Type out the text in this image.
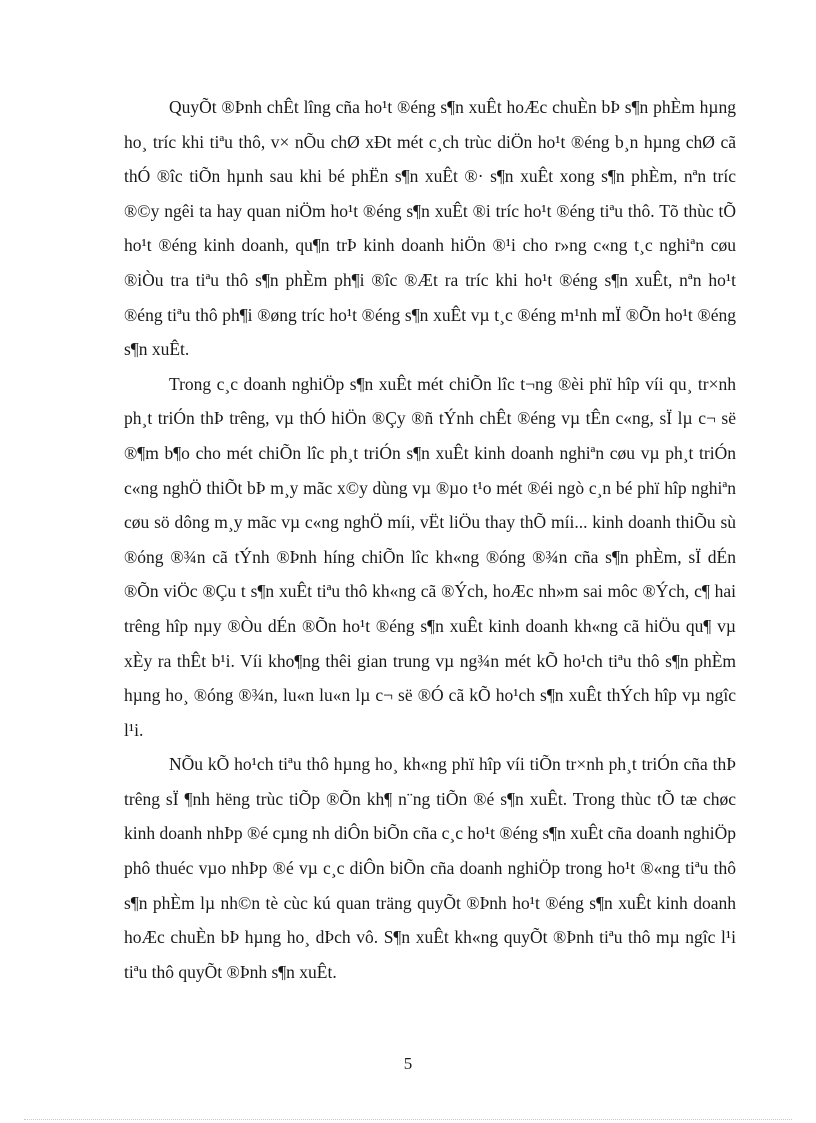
QuyÕt ®Þnh chÊt lîng cña ho¹t ®éng s¶n xuÊt hoÆc chuÈn bÞ s¶n phÈm hµng ho¸ tríc khi tiªu thô, v× nÕu chØ xÐt mét c¸ch trùc diÖn ho¹t ®éng b¸n hµng chØ cã thÓ ®îc tiÕn hµnh sau khi bé phËn s¶n xuÊt ®· s¶n xuÊt xong s¶n phÈm, nªn tríc ®©y ngêi ta hay quan niÖm ho¹t ®éng s¶n xuÊt ®i tríc ho¹t ®éng tiªu thô. Tõ thùc tÕ ho¹t ®éng kinh doanh, qu¶n trÞ kinh doanh hiÖn ®¹i cho r»ng c«ng t¸c nghiªn cøu ®iÒu tra tiªu thô s¶n phÈm ph¶i ®îc ®Æt ra tríc khi ho¹t ®éng s¶n xuÊt, nªn ho¹t ®éng tiªu thô ph¶i ®øng tríc ho¹t ®éng s¶n xuÊt vµ t¸c ®éng m¹nh mÏ ®Õn ho¹t ®éng s¶n xuÊt.

Trong c¸c doanh nghiÖp s¶n xuÊt mét chiÕn lîc t¬ng ®èi phï hîp víi qu¸ tr×nh ph¸t triÓn thÞ trêng, vµ thÓ hiÖn ®Çy ®ñ tÝnh chÊt ®éng vµ tÊn c«ng, sÏ lµ c¬ së ®¶m b¶o cho mét chiÕn lîc ph¸t triÓn s¶n xuÊt kinh doanh nghiªn cøu vµ ph¸t triÓn c«ng nghÖ thiÕt bÞ m¸y mãc x©y dùng vµ ®µo t¹o mét ®éi ngò c¸n bé phï hîp nghiªn cøu sö dông m¸y mãc vµ c«ng nghÖ míi, vËt liÖu thay thÕ míi... kinh doanh thiÕu sù ®óng ®¾n cã tÝnh ®Þnh híng chiÕn lîc kh«ng ®óng ®¾n cña s¶n phÈm, sÏ dÉn ®Õn viÖc ®Çu t s¶n xuÊt tiªu thô kh«ng cã ®Ých, hoÆc nh»m sai môc ®Ých, c¶ hai trêng hîp nµy ®Òu dÉn ®Õn ho¹t ®éng s¶n xuÊt kinh doanh kh«ng cã hiÖu qu¶ vµ xÈy ra thÊt b¹i. Víi kho¶ng thêi gian trung vµ ng¾n mét kÕ ho¹ch tiªu thô s¶n phÈm hµng ho¸ ®óng ®¾n, lu«n lu«n lµ c¬ së ®Ó cã kÕ ho¹ch s¶n xuÊt thÝch hîp vµ ngîc l¹i.

NÕu kÕ ho¹ch tiªu thô hµng ho¸ kh«ng phï hîp víi tiÕn tr×nh ph¸t triÓn cña thÞ trêng sÏ ¶nh hëng trùc tiÕp ®Õn kh¶ n¨ng tiÕn ®é s¶n xuÊt. Trong thùc tÕ tæ chøc kinh doanh nhÞp ®é cµng nh diÔn biÕn cña c¸c ho¹t ®éng s¶n xuÊt cña doanh nghiÖp phô thuéc vµo nhÞp ®é vµ c¸c diÔn biÕn cña doanh nghiÖp trong ho¹t ®«ng tiªu thô s¶n phÈm lµ nh©n tè cùc kú quan träng quyÕt ®Þnh ho¹t ®éng s¶n xuÊt kinh doanh hoÆc chuÈn bÞ hµng ho¸ dÞch vô. S¶n xuÊt kh«ng quyÕt ®Þnh tiªu thô mµ ngîc l¹i tiªu thô quyÕt ®Þnh s¶n xuÊt.

5
